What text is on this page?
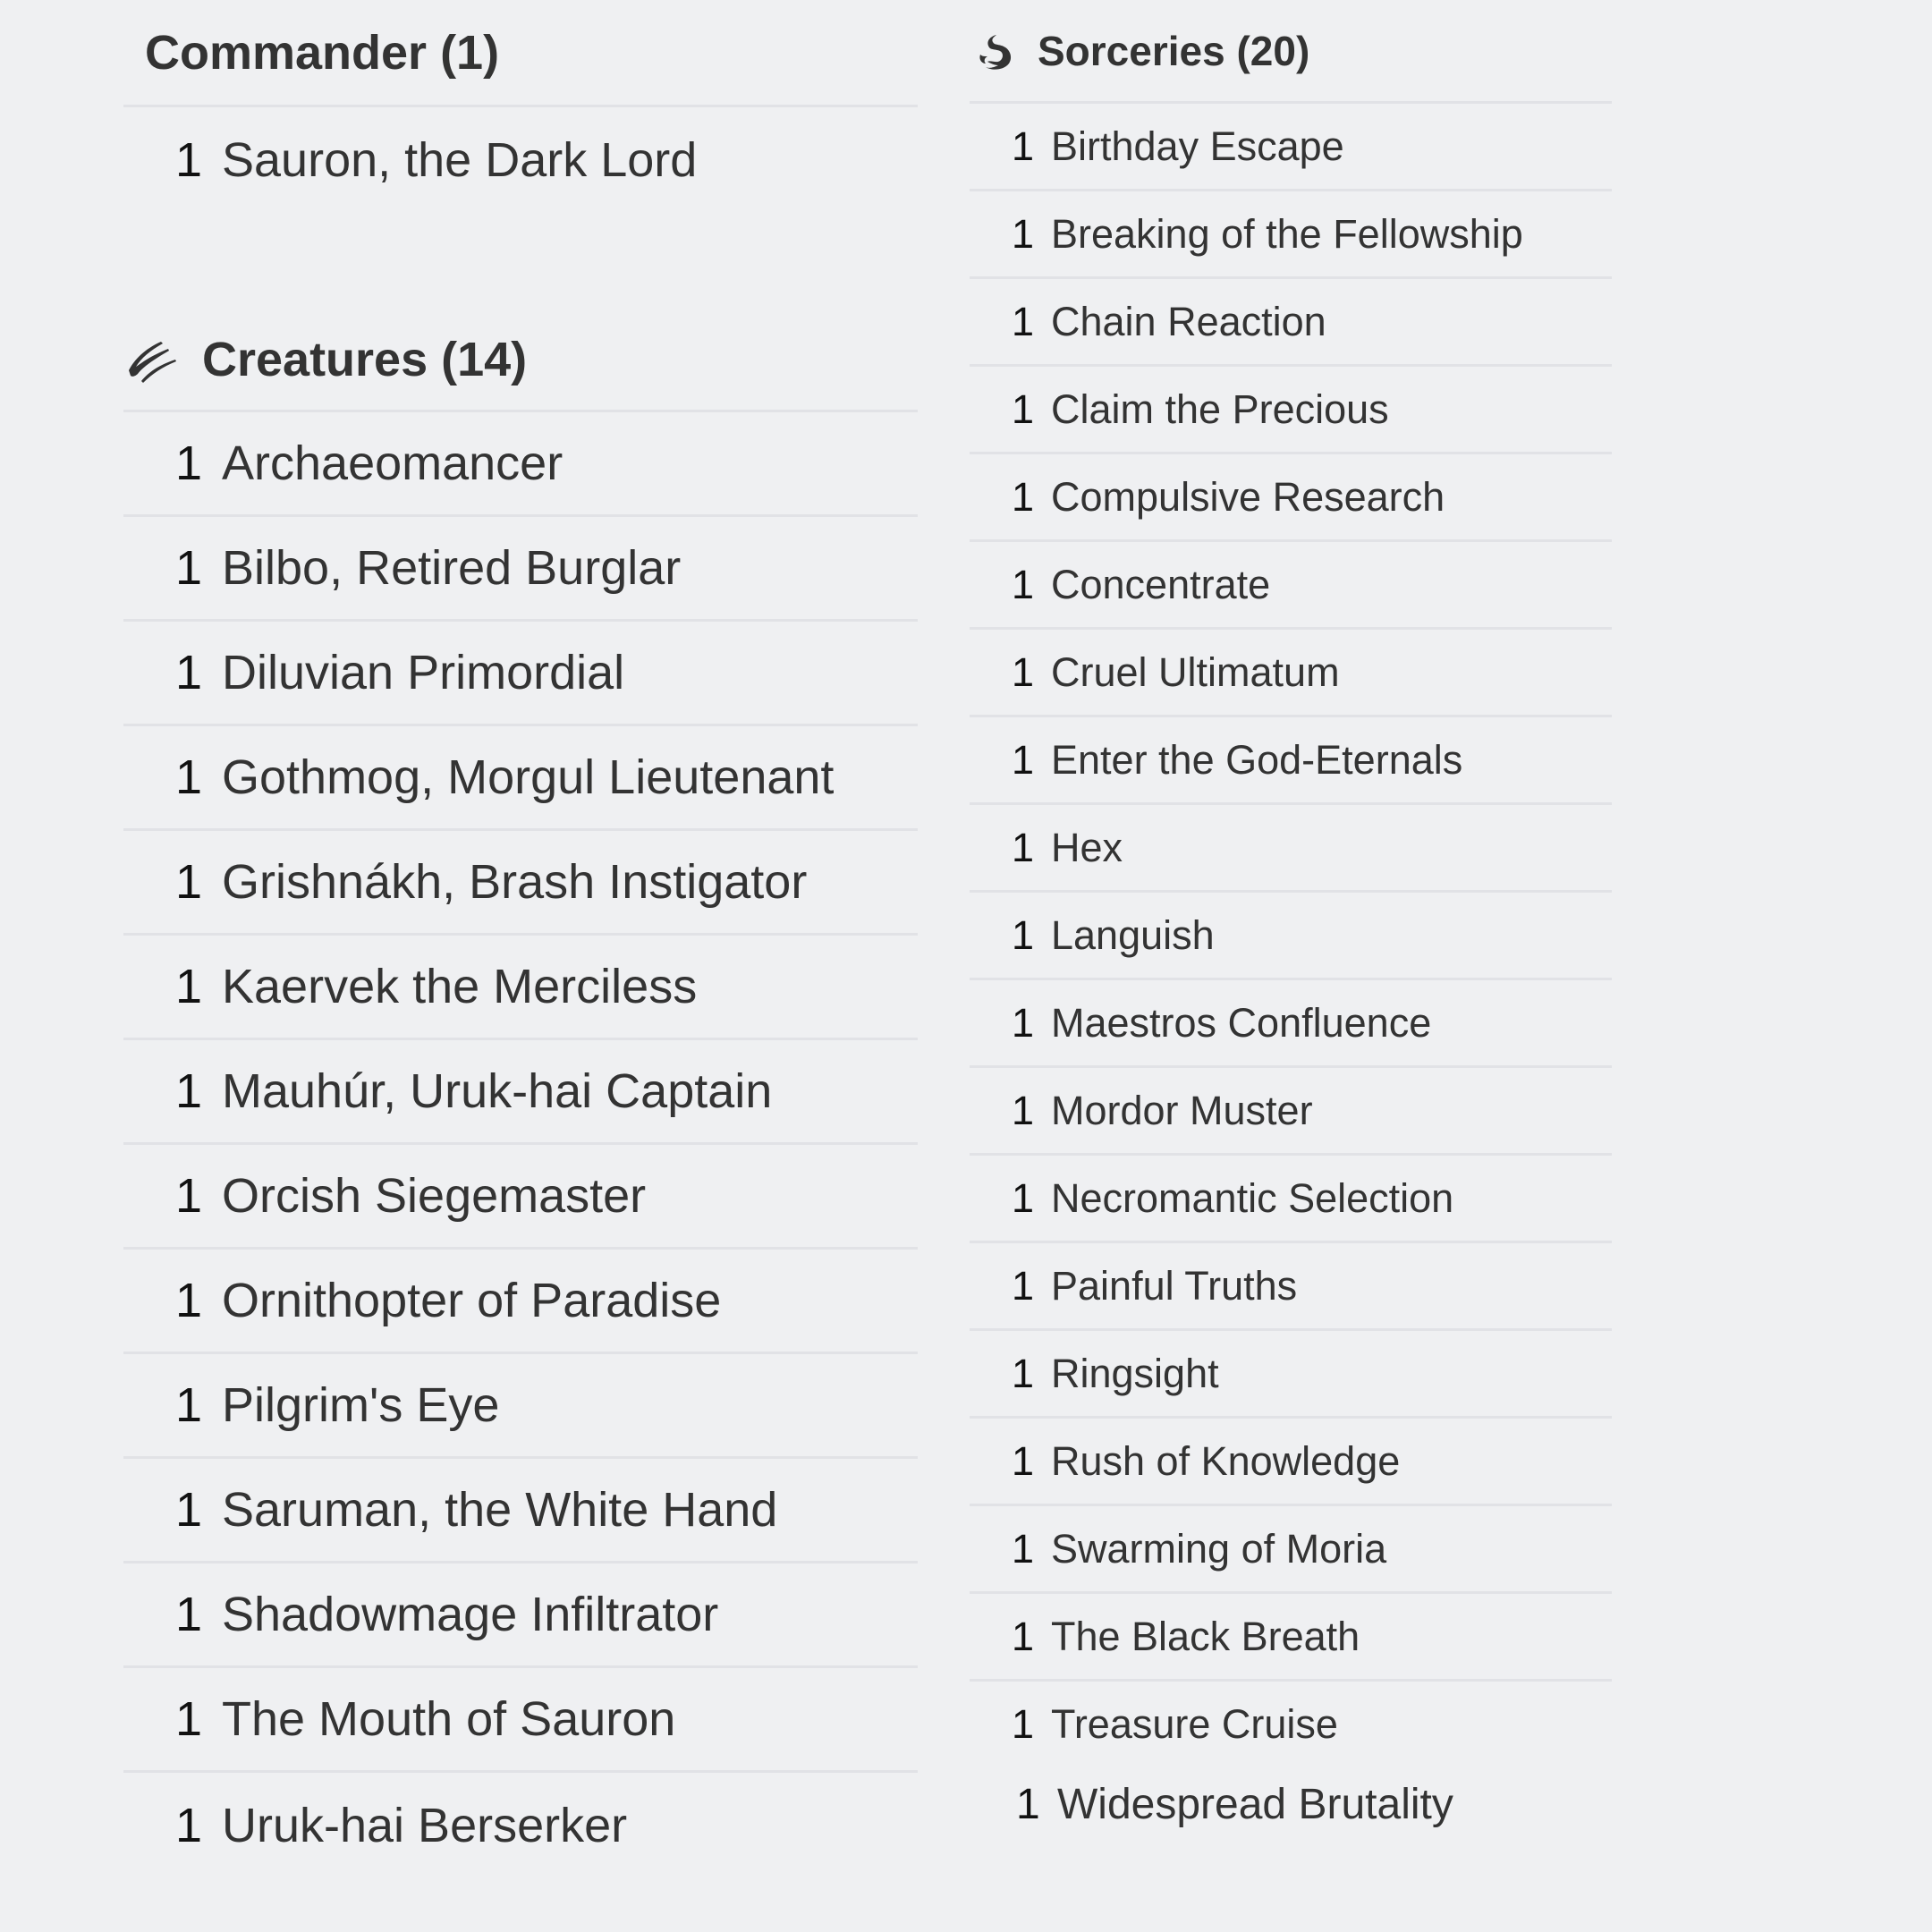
Commander (1)
1 Sauron, the Dark Lord
Creatures (14)
1 Archaeomancer
1 Bilbo, Retired Burglar
1 Diluvian Primordial
1 Gothmog, Morgul Lieutenant
1 Grishnákh, Brash Instigator
1 Kaervek the Merciless
1 Mauhúr, Uruk-hai Captain
1 Orcish Siegemaster
1 Ornithopter of Paradise
1 Pilgrim's Eye
1 Saruman, the White Hand
1 Shadowmage Infiltrator
1 The Mouth of Sauron
1 Uruk-hai Berserker
Sorceries (20)
1 Birthday Escape
1 Breaking of the Fellowship
1 Chain Reaction
1 Claim the Precious
1 Compulsive Research
1 Concentrate
1 Cruel Ultimatum
1 Enter the God-Eternals
1 Hex
1 Languish
1 Maestros Confluence
1 Mordor Muster
1 Necromantic Selection
1 Painful Truths
1 Ringsight
1 Rush of Knowledge
1 Swarming of Moria
1 The Black Breath
1 Treasure Cruise
1 Widespread Brutality
